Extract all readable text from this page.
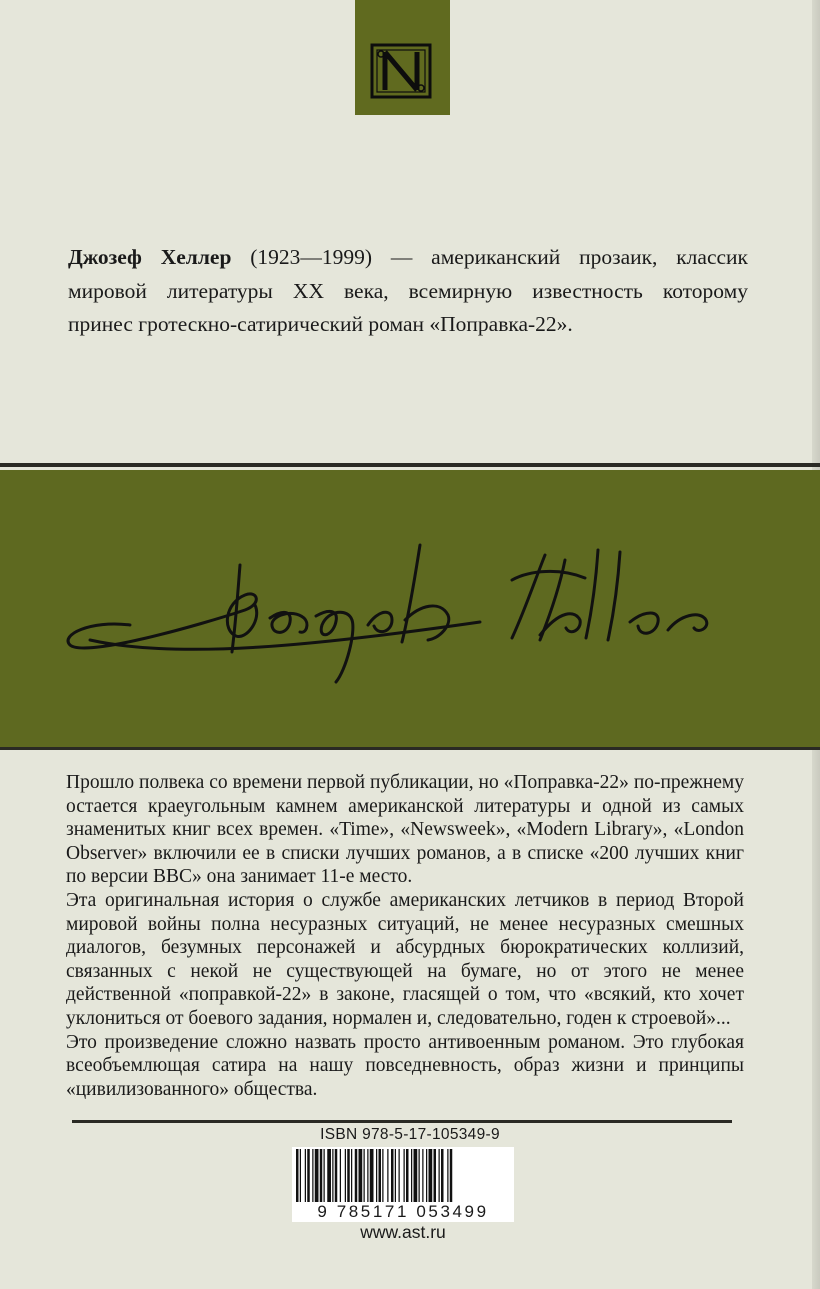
Джозеф Хеллер (1923—1999) — американский прозаик, классик
мировой литературы XX века, всемирную известность которому
принес гротескно-сатирический роман «Поправка-22».

Прошло полвека со времени первой публикации, но «Поправка-22» по-прежнему остается краеугольным камнем американской литературы и одной из самых знаменитых книг всех времен. «Time», «Newsweek», «Modern Library», «London Observer» включили ее в списки лучших романов, а в списке «200 лучших книг по версии BBC» она занимает 11-е место.

Эта оригинальная история о службе американских летчиков в период Второй мировой войны полна несуразных ситуаций, не менее несуразных смешных диалогов, безумных персонажей и абсурдных бюрократических коллизий, связанных с некой не существующей на бумаге, но от этого не менее действенной «поправкой-22» в законе, гласящей о том, что «всякий, кто хочет уклониться от боевого задания, нормален и, следовательно, годен к строевой»...

Это произведение сложно назвать просто антивоенным романом. Это глубокая всеобъемлющая сатира на нашу повседневность, образ жизни и принципы «цивилизованного» общества.

ISBN 978-5-17-105349-9
9 785171 053499
www.ast.ru
